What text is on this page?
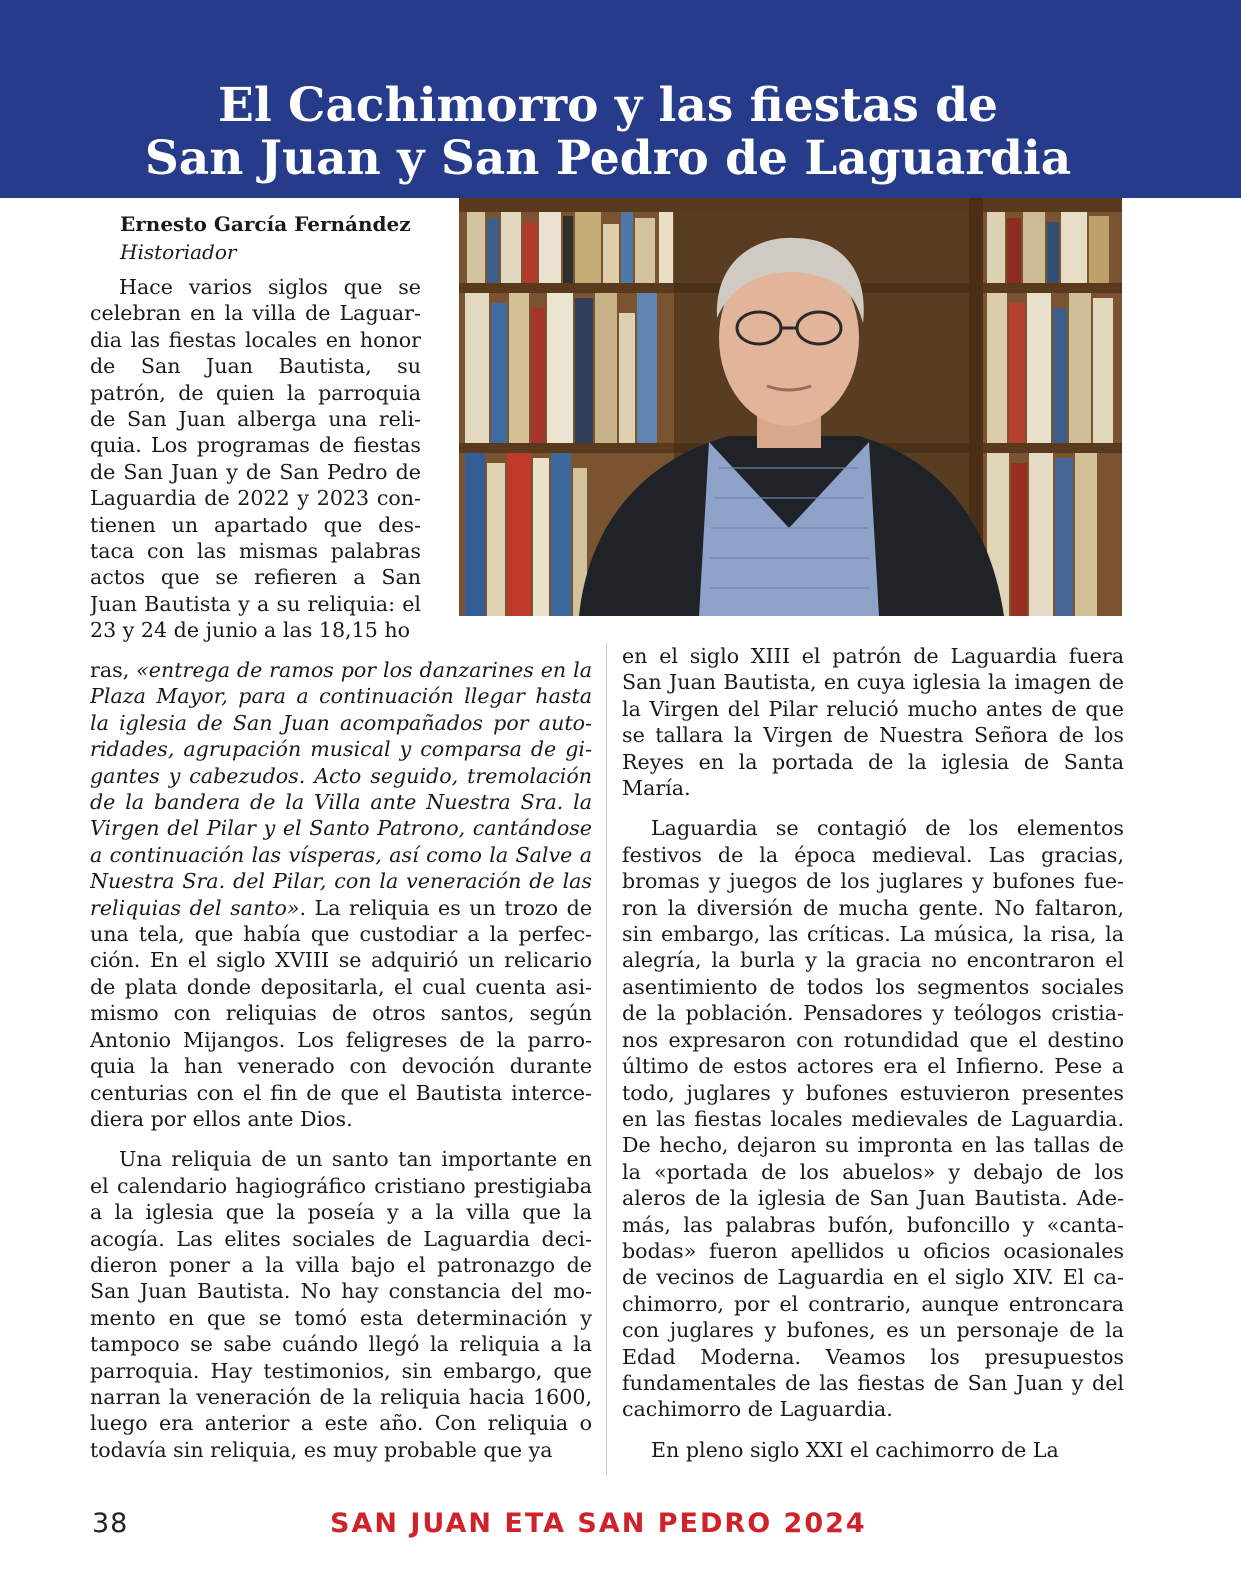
El Cachimorro y las fiestas de
San Juan y San Pedro de Laguardia
Ernesto García Fernández
Historiador

Hace varios siglos que se celebran en la villa de Laguardia las fiestas locales en honor de San Juan Bautista, su patrón, de quien la parroquia de San Juan alberga una reliquia. Los programas de fiestas de San Juan y de San Pedro de Laguardia de 2022 y 2023 contienen un apartado que destaca con las mismas palabras actos que se refieren a San Juan Bautista y a su reliquia: el 23 y 24 de junio a las 18,15 ho

ras, «entrega de ramos por los danzarines en la Plaza Mayor, para a continuación llegar hasta la iglesia de San Juan acompañados por autoridades, agrupación musical y comparsa de gigantes y cabezudos. Acto seguido, tremolación de la bandera de la Villa ante Nuestra Sra. la Virgen del Pilar y el Santo Patrono, cantándose a continuación las vísperas, así como la Salve a Nuestra Sra. del Pilar, con la veneración de las reliquias del santo». La reliquia es un trozo de una tela, que había que custodiar a la perfección. En el siglo XVIII se adquirió un relicario de plata donde depositarla, el cual cuenta asimismo con reliquias de otros santos, según Antonio Mijangos. Los feligreses de la parroquia la han venerado con devoción durante centurias con el fin de que el Bautista intercediera por ellos ante Dios.

Una reliquia de un santo tan importante en el calendario hagiográfico cristiano prestigiaba a la iglesia que la poseía y a la villa que la acogía. Las elites sociales de Laguardia decidieron poner a la villa bajo el patronazgo de San Juan Bautista. No hay constancia del momento en que se tomó esta determinación y tampoco se sabe cuándo llegó la reliquia a la parroquia. Hay testimonios, sin embargo, que narran la veneración de la reliquia hacia 1600, luego era anterior a este año. Con reliquia o todavía sin reliquia, es muy probable que ya

en el siglo XIII el patrón de Laguardia fuera San Juan Bautista, en cuya iglesia la imagen de la Virgen del Pilar relució mucho antes de que se tallara la Virgen de Nuestra Señora de los Reyes en la portada de la iglesia de Santa María.

Laguardia se contagió de los elementos festivos de la época medieval. Las gracias, bromas y juegos de los juglares y bufones fueron la diversión de mucha gente. No faltaron, sin embargo, las críticas. La música, la risa, la alegría, la burla y la gracia no encontraron el asentimiento de todos los segmentos sociales de la población. Pensadores y teólogos cristianos expresaron con rotundidad que el destino último de estos actores era el Infierno. Pese a todo, juglares y bufones estuvieron presentes en las fiestas locales medievales de Laguardia. De hecho, dejaron su impronta en las tallas de la «portada de los abuelos» y debajo de los aleros de la iglesia de San Juan Bautista. Además, las palabras bufón, bufoncillo y «cantabodas» fueron apellidos u oficios ocasionales de vecinos de Laguardia en el siglo XIV. El cachimorro, por el contrario, aunque entroncara con juglares y bufones, es un personaje de la Edad Moderna. Veamos los presupuestos fundamentales de las fiestas de San Juan y del cachimorro de Laguardia.

En pleno siglo XXI el cachimorro de La

38	SAN JUAN ETA SAN PEDRO 2024
